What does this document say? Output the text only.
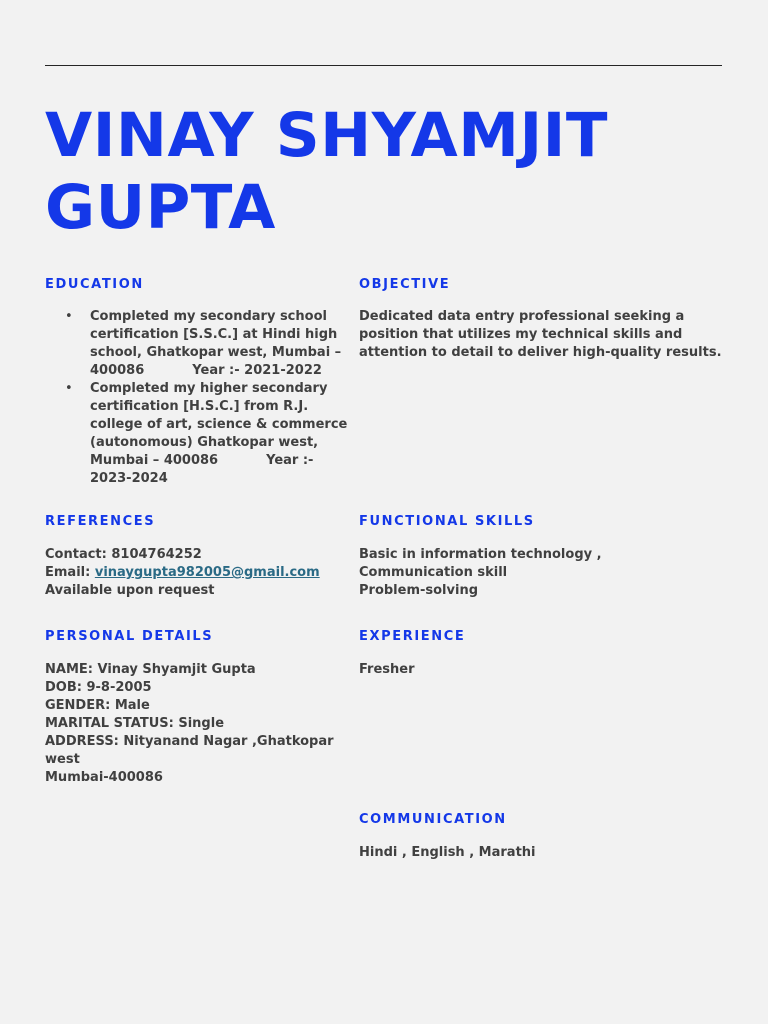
VINAY SHYAMJIT
GUPTA
EDUCATION
• Completed my secondary school
certification [S.S.C.] at Hindi high
school, Ghatkopar west, Mumbai –
400086	Year :- 2021-2022
• Completed my higher secondary
certification [H.S.C.] from R.J.
college of art, science & commerce
(autonomous) Ghatkopar west,
Mumbai – 400086	Year :-
2023-2024
OBJECTIVE
Dedicated data entry professional seeking a
position that utilizes my technical skills and
attention to detail to deliver high-quality results.
REFERENCES
Contact: 8104764252
Email: vinaygupta982005@gmail.com
Available upon request
FUNCTIONAL SKILLS
Basic in information technology ,
Communication skill
Problem-solving
PERSONAL DETAILS
NAME: Vinay Shyamjit Gupta
DOB: 9-8-2005
GENDER: Male
MARITAL STATUS: Single
ADDRESS: Nityanand Nagar ,Ghatkopar
west
Mumbai-400086
EXPERIENCE
Fresher
COMMUNICATION
Hindi , English , Marathi
